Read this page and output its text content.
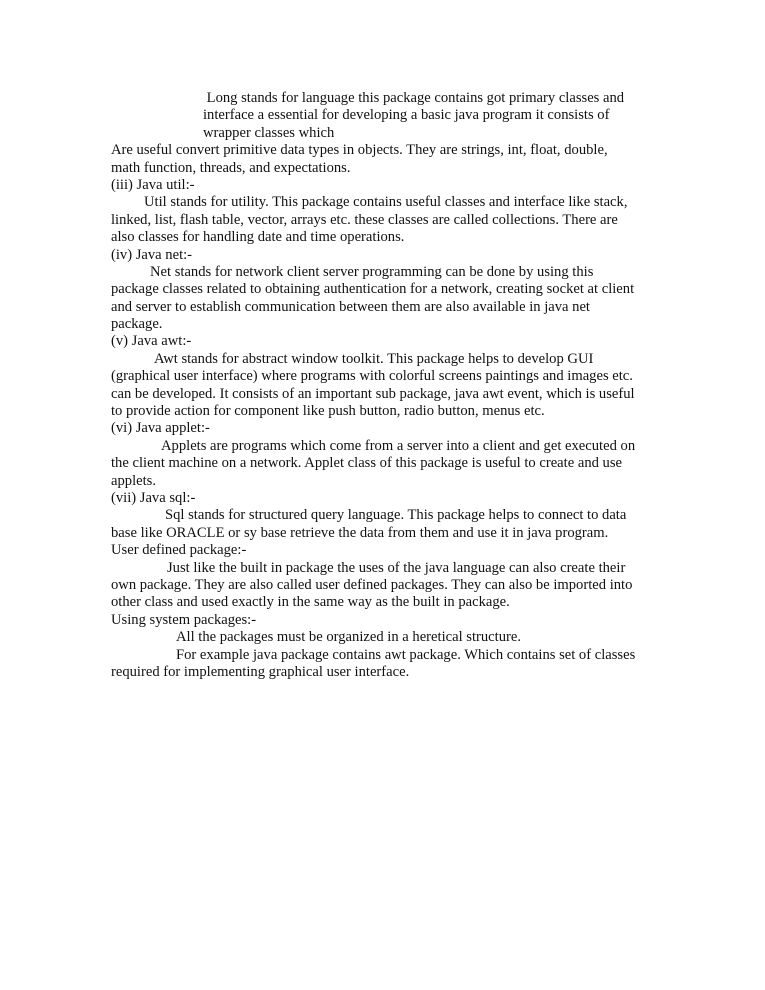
Long stands for language this package contains got primary classes and
interface a essential for developing a basic java program it consists of
wrapper classes which
Are useful convert primitive data types in objects. They are strings, int, float, double,
math function, threads, and expectations.
(iii) Java util:-
Util stands for utility. This package contains useful classes and interface like stack,
linked, list, flash table, vector, arrays etc. these classes are called collections. There are
also classes for handling date and time operations.
(iv) Java net:-
Net stands for network client server programming can be done by using this
package classes related to obtaining authentication for a network, creating socket at client
and server to establish communication between them are also available in java net
package.
(v) Java awt:-
Awt stands for abstract window toolkit. This package helps to develop GUI
(graphical user interface) where programs with colorful screens paintings and images etc.
can be developed. It consists of an important sub package, java awt event, which is useful
to provide action for component like push button, radio button, menus etc.
(vi) Java applet:-
Applets are programs which come from a server into a client and get executed on
the client machine on a network. Applet class of this package is useful to create and use
applets.
(vii) Java sql:-
Sql stands for structured query language. This package helps to connect to data
base like ORACLE or sy base retrieve the data from them and use it in java program.
User defined package:-
Just like the built in package the uses of the java language can also create their
own package. They are also called user defined packages. They can also be imported into
other class and used exactly in the same way as the built in package.
Using system packages:-
All the packages must be organized in a heretical structure.
For example java package contains awt package. Which contains set of classes
required for implementing graphical user interface.
